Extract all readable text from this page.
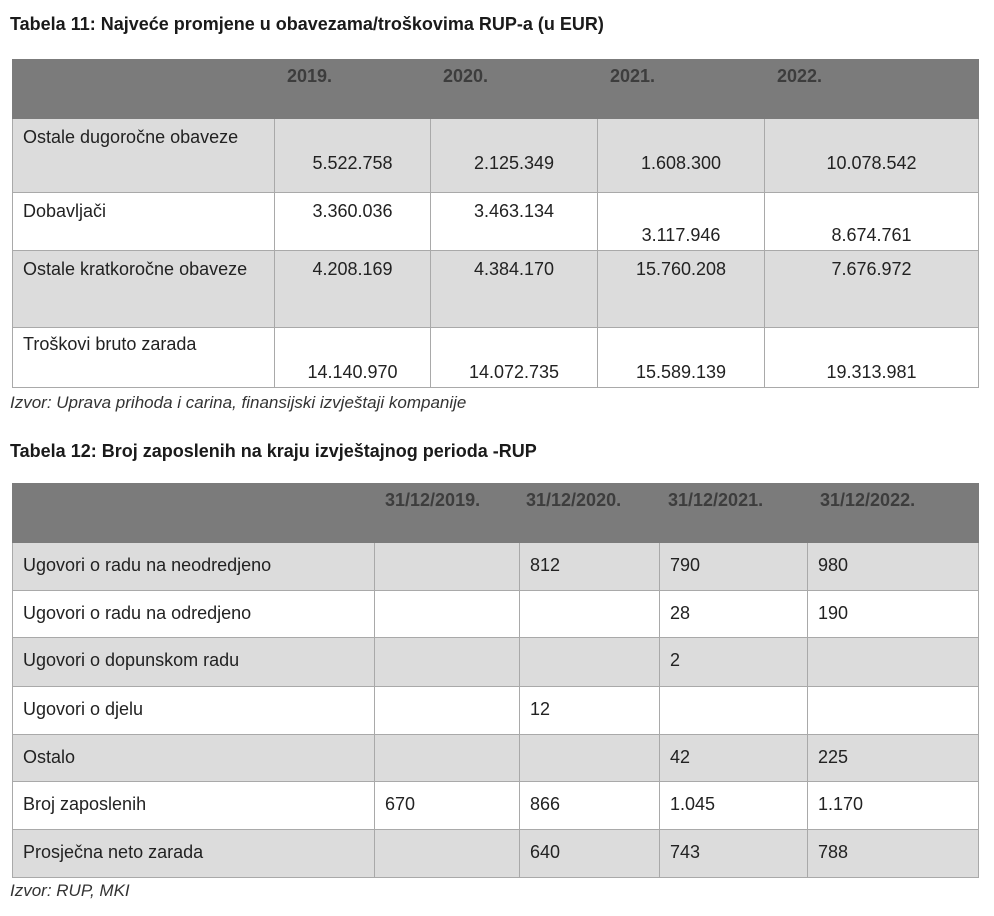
Tabela 11: Najveće promjene u obavezama/troškovima RUP-a (u EUR)

	2019.	2020.	2021.	2022.

Ostale dugoročne obaveze	5.522.758	2.125.349	1.608.300	10.078.542

Dobavljači	3.360.036	3.463.134	3.117.946	8.674.761

Ostale kratkoročne obaveze	4.208.169	4.384.170	15.760.208	7.676.972

Troškovi bruto zarada	14.140.970	14.072.735	15.589.139	19.313.981
Izvor: Uprava prihoda i carina, finansijski izvještaji kompanije
Tabela 12: Broj zaposlenih na kraju izvještajnog perioda -RUP

	31/12/2019.	31/12/2020.	31/12/2021.	31/12/2022.

Ugovori o radu na neodredjeno		812	790	980

Ugovori o radu na odredjeno			28	190

Ugovori o dopunskom radu			2	

Ugovori o djelu		12		

Ostalo			42	225

Broj zaposlenih	670	866	1.045	1.170

Prosječna neto zarada		640	743	788
Izvor: RUP, MKI
